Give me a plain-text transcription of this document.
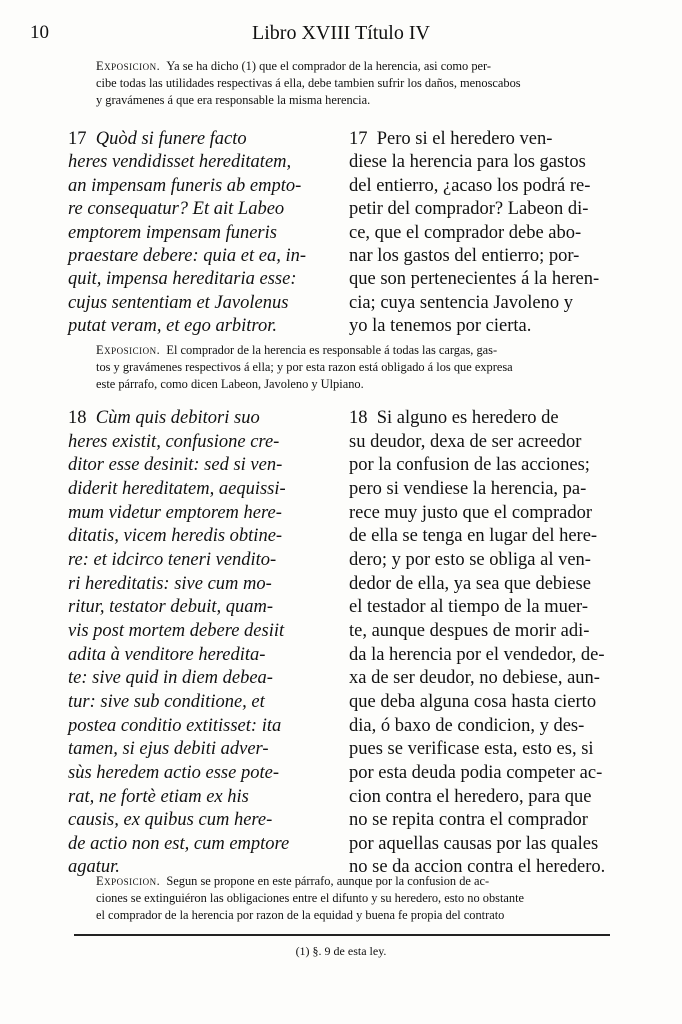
10	Libro XVIII Título IV
Exposicion. Ya se ha dicho (1) que el comprador de la herencia, asi como per-
cibe todas las utilidades respectivas á ella, debe tambien sufrir los daños, menoscabos
y gravámenes á que era responsable la misma herencia.

17 Quòd si funere facto

heres vendidisset hereditatem,

an impensam funeris ab empto-

re consequatur? Et ait Labeo

emptorem impensam funeris

praestare debere: quia et ea, in-

quit, impensa hereditaria esse:

cujus sententiam et Javolenus

putat veram, et ego arbitror.

17 Pero si el heredero ven-

diese la herencia para los gastos

del entierro, ¿acaso los podrá re-

petir del comprador? Labeon di-

ce, que el comprador debe abo-

nar los gastos del entierro; por-

que son pertenecientes á la heren-

cia; cuya sentencia Javoleno y

yo la tenemos por cierta.

Exposicion. El comprador de la herencia es responsable á todas las cargas, gas-
tos y gravámenes respectivos á ella; y por esta razon está obligado á los que expresa
este párrafo, como dicen Labeon, Javoleno y Ulpiano.

18 Cùm quis debitori suo

heres existit, confusione cre-

ditor esse desinit: sed si ven-

diderit hereditatem, aequissi-

mum videtur emptorem here-

ditatis, vicem heredis obtine-

re: et idcirco teneri vendito-

ri hereditatis: sive cum mo-

ritur, testator debuit, quam-

vis post mortem debere desiit

adita à venditore heredita-

te: sive quid in diem debea-

tur: sive sub conditione, et

postea conditio extitisset: ita

tamen, si ejus debiti adver-

sùs heredem actio esse pote-

rat, ne fortè etiam ex his

causis, ex quibus cum here-

de actio non est, cum emptore

agatur.

18 Si alguno es heredero de

su deudor, dexa de ser acreedor

por la confusion de las acciones;

pero si vendiese la herencia, pa-

rece muy justo que el comprador

de ella se tenga en lugar del here-

dero; y por esto se obliga al ven-

dedor de ella, ya sea que debiese

el testador al tiempo de la muer-

te, aunque despues de morir adi-

da la herencia por el vendedor, de-

xa de ser deudor, no debiese, aun-

que deba alguna cosa hasta cierto

dia, ó baxo de condicion, y des-

pues se verificase esta, esto es, si

por esta deuda podia competer ac-

cion contra el heredero, para que

no se repita contra el comprador

por aquellas causas por las quales

no se da accion contra el heredero.

Exposicion. Segun se propone en este párrafo, aunque por la confusion de ac-
ciones se extinguiéron las obligaciones entre el difunto y su heredero, esto no obstante
el comprador de la herencia por razon de la equidad y buena fe propia del contrato
(1) §. 9 de esta ley.
